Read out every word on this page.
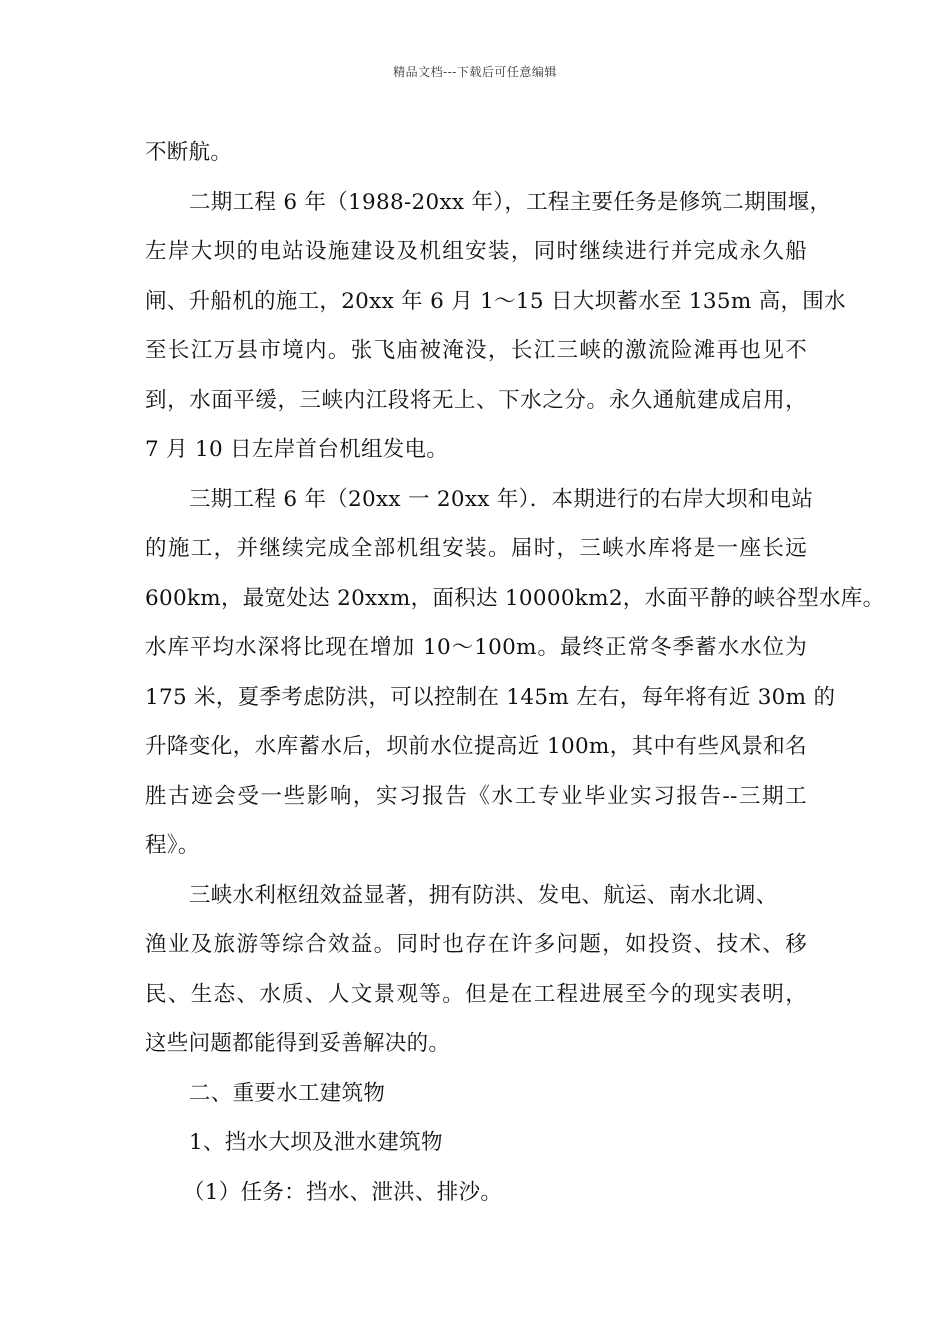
精品文档---下载后可任意编辑
不断航。
二期工程 6 年（1988-20xx 年），工程主要任务是修筑二期围堰，
左岸大坝的电站设施建设及机组安装，同时继续进行并完成永久船
闸、升船机的施工，20xx 年 6 月 1～15 日大坝蓄水至 135m 高，围水
至长江万县市境内。张飞庙被淹没，长江三峡的激流险滩再也见不
到，水面平缓，三峡内江段将无上、下水之分。永久通航建成启用，
7 月 10 日左岸首台机组发电。
三期工程 6 年（20xx 一 20xx 年）．本期进行的右岸大坝和电站
的施工，并继续完成全部机组安装。届时，三峡水库将是一座长远
600km，最宽处达 20xxm，面积达 10000km2，水面平静的峡谷型水库。
水库平均水深将比现在增加 10～100m。最终正常冬季蓄水水位为
175 米，夏季考虑防洪，可以控制在 145m 左右，每年将有近 30m 的
升降变化，水库蓄水后，坝前水位提高近 100m，其中有些风景和名
胜古迹会受一些影响，实习报告《水工专业毕业实习报告--三期工
程》。
三峡水利枢纽效益显著，拥有防洪、发电、航运、南水北调、
渔业及旅游等综合效益。同时也存在许多问题，如投资、技术、移
民、生态、水质、人文景观等。但是在工程进展至今的现实表明，
这些问题都能得到妥善解决的。
二、重要水工建筑物
1、挡水大坝及泄水建筑物
（1）任务：挡水、泄洪、排沙。
